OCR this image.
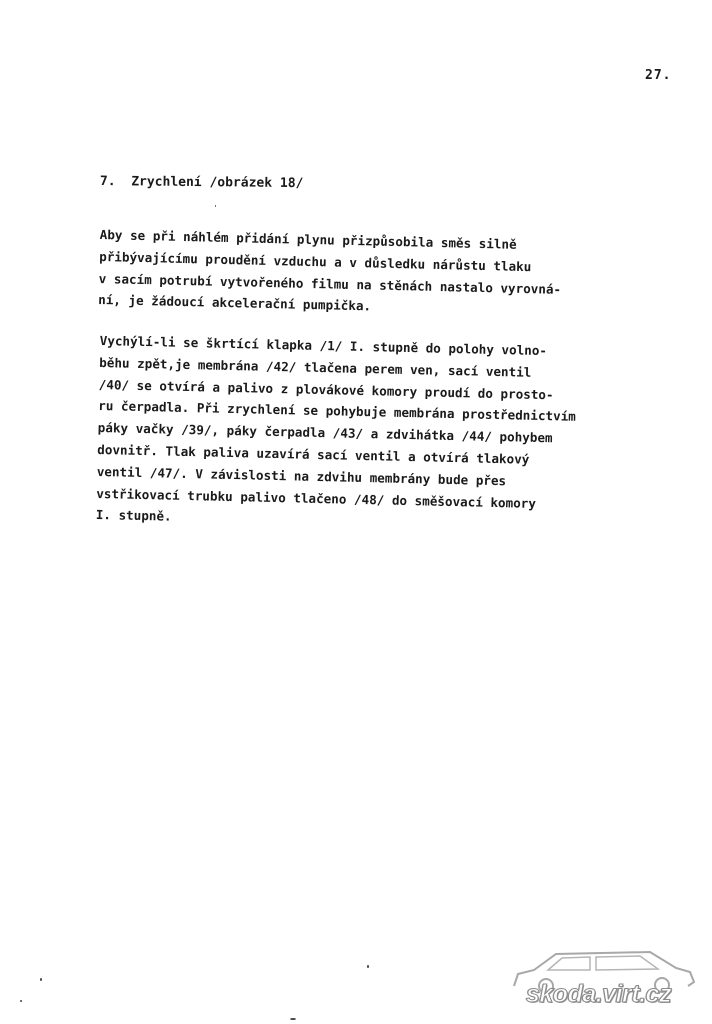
27.
7.  Zrychlení /obrázek 18/
Aby se při náhlém přidání plynu přizpůsobila směs silně
přibývajícímu proudění vzduchu a v důsledku nárůstu tlaku
v sacím potrubí vytvořeného filmu na stěnách nastalo vyrovná-
ní, je žádoucí akcelerační pumpička.
Vychýlí-li se škrtící klapka /1/ I. stupně do polohy volno-
běhu zpět,je membrána /42/ tlačena perem ven, sací ventil
/40/ se otvírá a palivo z plovákové komory proudí do prosto-
ru čerpadla. Při zrychlení se pohybuje membrána prostřednictvím
páky vačky /39/, páky čerpadla /43/ a zdvihátka /44/ pohybem
dovnitř. Tlak paliva uzavírá sací ventil a otvírá tlakový
ventil /47/. V závislosti na zdvihu membrány bude přes
vstřikovací trubku palivo tlačeno /48/ do směšovací komory
I. stupně.
skoda.virt.cz
